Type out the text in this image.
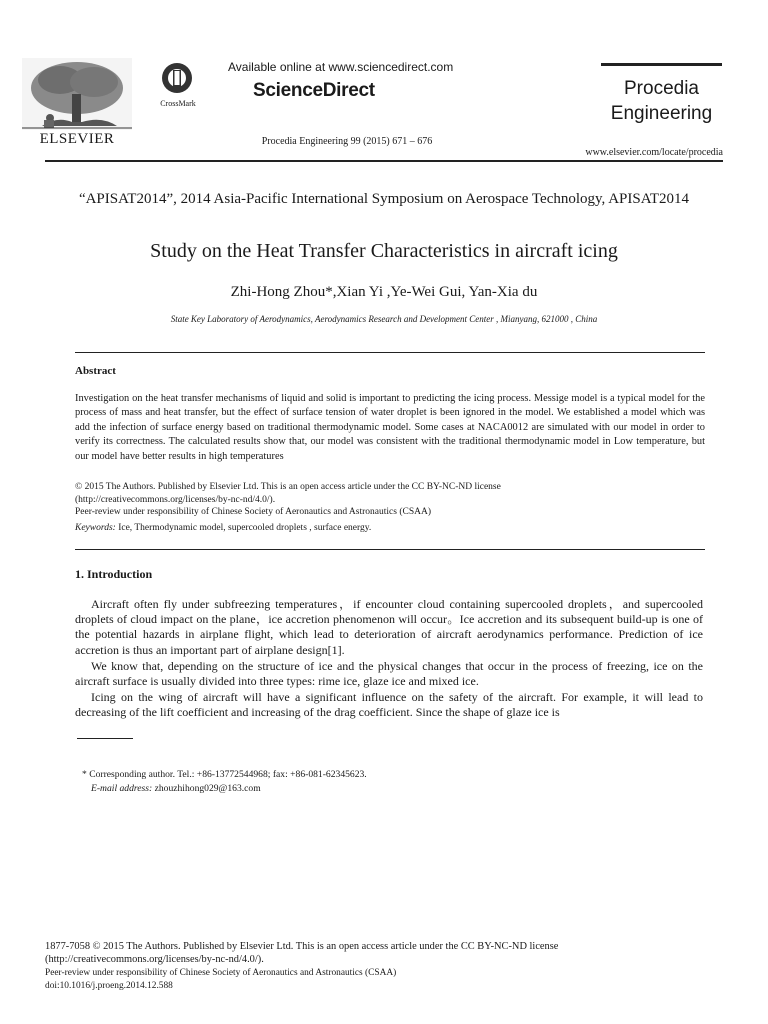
ELSEVIER
CrossMark
Available online at www.sciencedirect.com
ScienceDirect
Procedia Engineering 99 (2015) 671 – 676
Procedia
Engineering
www.elsevier.com/locate/procedia
“APISAT2014”, 2014 Asia-Pacific International Symposium on Aerospace Technology, APISAT2014
Study on the Heat Transfer Characteristics in aircraft icing
Zhi-Hong Zhou*,Xian Yi ,Ye-Wei Gui, Yan-Xia du
State Key Laboratory of Aerodynamics, Aerodynamics Research and Development Center , Mianyang, 621000 , China
Abstract
Investigation on the heat transfer mechanisms of liquid and solid is important to predicting the icing process. Messige model is a typical model for the process of mass and heat transfer, but the effect of surface tension of water droplet is been ignored in the model. We established a model which was add the infection of surface energy based on traditional thermodynamic model. Some cases at NACA0012 are simulated with our model in order to verify its correctness. The calculated results show that, our model was consistent with the traditional thermodynamic model in Low temperature, but our model have better results in high temperatures
© 2015 The Authors. Published by Elsevier Ltd. This is an open access article under the CC BY-NC-ND license
(http://creativecommons.org/licenses/by-nc-nd/4.0/).
Peer-review under responsibility of Chinese Society of Aeronautics and Astronautics (CSAA)
Keywords: Ice, Thermodynamic model, supercooled droplets , surface energy.
1. Introduction
Aircraft often fly under subfreezing temperatures，if encounter cloud containing supercooled droplets，and supercooled droplets of cloud impact on the plane，ice accretion phenomenon will occur。Ice accretion and its subsequent build-up is one of the potential hazards in airplane flight, which lead to deterioration of aircraft aerodynamics performance. Prediction of ice accretion is thus an important part of airplane design[1].
We know that, depending on the structure of ice and the physical changes that occur in the process of freezing, ice on the aircraft surface is usually divided into three types: rime ice, glaze ice and mixed ice.
Icing on the wing of aircraft will have a significant influence on the safety of the aircraft. For example, it will lead to decreasing of the lift coefficient and increasing of the drag coefficient. Since the shape of glaze ice is
* Corresponding author. Tel.: +86-13772544968; fax: +86-081-62345623.
E-mail address: zhouzhihong029@163.com
1877-7058 © 2015 The Authors. Published by Elsevier Ltd. This is an open access article under the CC BY-NC-ND license
(http://creativecommons.org/licenses/by-nc-nd/4.0/).
Peer-review under responsibility of Chinese Society of Aeronautics and Astronautics (CSAA)
doi:10.1016/j.proeng.2014.12.588
